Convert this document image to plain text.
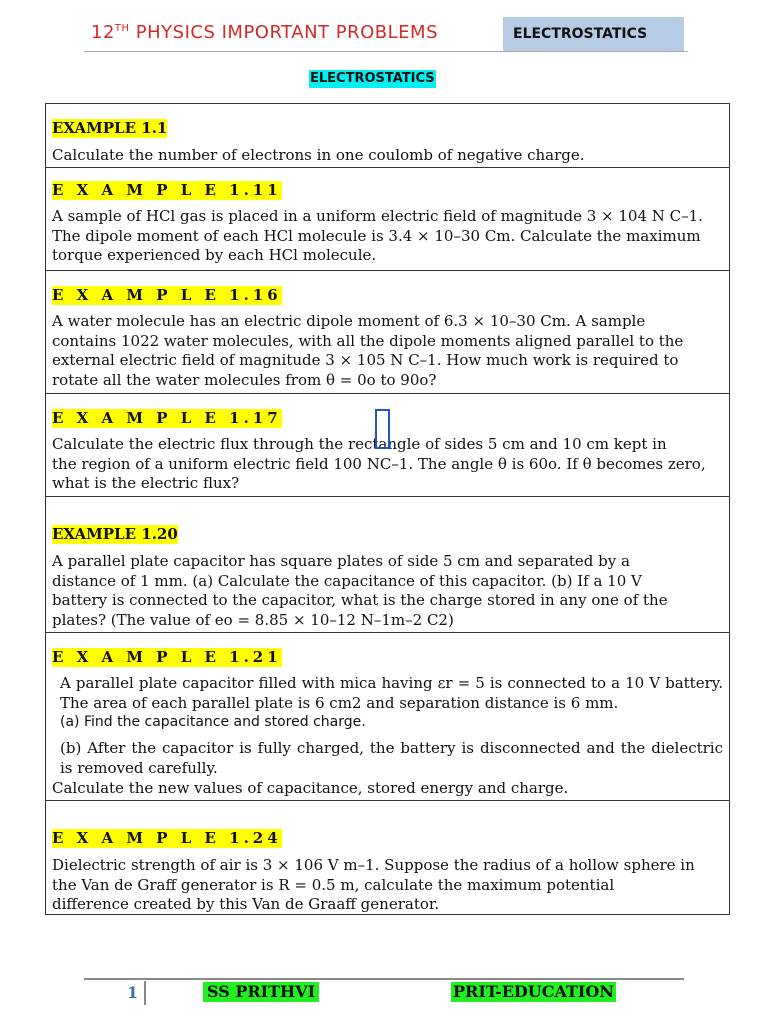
12TH PHYSICS IMPORTANT PROBLEMS	ELECTROSTATICS
ELECTROSTATICS
EXAMPLE 1.1
Calculate the number of electrons in one coulomb of negative charge.
E X A M P L E 1.11
A sample of HCl gas is placed in a uniform electric field of magnitude 3 × 104 N C–1.
The dipole moment of each HCl molecule is 3.4 × 10–30 Cm. Calculate the maximum
torque experienced by each HCl molecule.
E X A M P L E 1.16
A water molecule has an electric dipole moment of 6.3 × 10–30 Cm. A sample
contains 1022 water molecules, with all the dipole moments aligned parallel to the
external electric field of magnitude 3 × 105 N C–1. How much work is required to
rotate all the water molecules from θ = 0o to 90o?
E X A M P L E 1.17
Calculate the electric flux through the rectangle of sides 5 cm and 10 cm kept in
the region of a uniform electric field 100 NC–1. The angle θ is 60o. If θ becomes zero,
what is the electric flux?
EXAMPLE 1.20
A parallel plate capacitor has square plates of side 5 cm and separated by a
distance of 1 mm. (a) Calculate the capacitance of this capacitor. (b) If a 10 V
battery is connected to the capacitor, what is the charge stored in any one of the
plates? (The value of eo = 8.85 × 10–12 N–1m–2 C2)
E X A M P L E 1.21
A parallel plate capacitor filled with mica having εr = 5 is connected to a 10 V battery. The area of each parallel plate is 6 cm2 and separation distance is 6 mm.
(a) Find the capacitance and stored charge.
(b) After the capacitor is fully charged, the battery is disconnected and the dielectric is removed carefully.
Calculate the new values of capacitance, stored energy and charge.
E X A M P L E 1.24
Dielectric strength of air is 3 × 106 V m–1. Suppose the radius of a hollow sphere in
the Van de Graff generator is R = 0.5 m, calculate the maximum potential
difference created by this Van de Graaff generator.
1	SS PRITHVI	PRIT-EDUCATION
